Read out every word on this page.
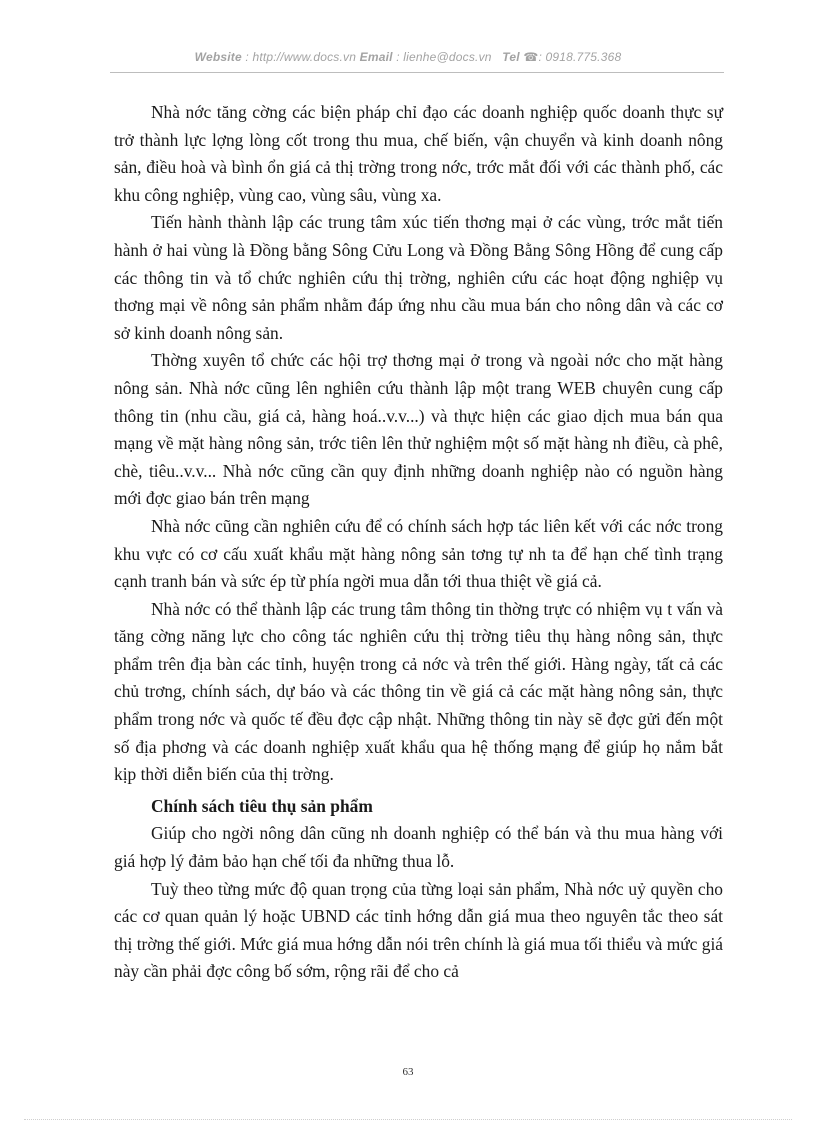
Website : http://www.docs.vn Email : lienhe@docs.vn Tel ☎: 0918.775.368

Nhà nớc tăng cờng các biện pháp chỉ đạo các doanh nghiệp quốc doanh thực sự trở thành lực lợng lòng cốt trong thu mua, chế biến, vận chuyển và kinh doanh nông sản, điều hoà và bình ổn giá cả thị trờng trong nớc, trớc mắt đối với các thành phố, các khu công nghiệp, vùng cao, vùng sâu, vùng xa.

Tiến hành thành lập các trung tâm xúc tiến thơng mại ở các vùng, trớc mắt tiến hành ở hai vùng là Đồng bằng Sông Cửu Long và Đồng Bằng Sông Hồng để cung cấp các thông tin và tổ chức nghiên cứu thị trờng, nghiên cứu các hoạt động nghiệp vụ thơng mại về nông sản phẩm nhằm đáp ứng nhu cầu mua bán cho nông dân và các cơ sở kinh doanh nông sản.

Thờng xuyên tổ chức các hội trợ thơng mại ở trong và ngoài nớc cho mặt hàng nông sản. Nhà nớc cũng lên nghiên cứu thành lập một trang WEB chuyên cung cấp thông tin (nhu cầu, giá cả, hàng hoá..v.v...) và thực hiện các giao dịch mua bán qua mạng về mặt hàng nông sản, trớc tiên lên thử nghiệm một số mặt hàng nh điều, cà phê, chè, tiêu..v.v... Nhà nớc cũng cần quy định những doanh nghiệp nào có nguồn hàng mới đợc giao bán trên mạng

Nhà nớc cũng cần nghiên cứu để có chính sách hợp tác liên kết với các nớc trong khu vực có cơ cấu xuất khẩu mặt hàng nông sản tơng tự nh ta để hạn chế tình trạng cạnh tranh bán và sức ép từ phía ngời mua dẫn tới thua thiệt về giá cả.

Nhà nớc có thể thành lập các trung tâm thông tin thờng trực có nhiệm vụ t vấn và tăng cờng năng lực cho công tác nghiên cứu thị trờng tiêu thụ hàng nông sản, thực phẩm trên địa bàn các tỉnh, huyện trong cả nớc và trên thế giới. Hàng ngày, tất cả các chủ trơng, chính sách, dự báo và các thông tin về giá cả các mặt hàng nông sản, thực phẩm trong nớc và quốc tế đều đợc cập nhật. Những thông tin này sẽ đợc gửi đến một số địa phơng và các doanh nghiệp xuất khẩu qua hệ thống mạng để giúp họ nắm bắt kịp thời diễn biến của thị trờng.

Chính sách tiêu thụ sản phẩm

Giúp cho ngời nông dân cũng nh doanh nghiệp có thể bán và thu mua hàng với giá hợp lý đảm bảo hạn chế tối đa những thua lỗ.

Tuỳ theo từng mức độ quan trọng của từng loại sản phẩm, Nhà nớc uỷ quyền cho các cơ quan quản lý hoặc UBND các tỉnh hớng dẫn giá mua theo nguyên tắc theo sát thị trờng thế giới. Mức giá mua hớng dẫn nói trên chính là giá mua tối thiểu và mức giá này cần phải đợc công bố sớm, rộng rãi để cho cả

63
